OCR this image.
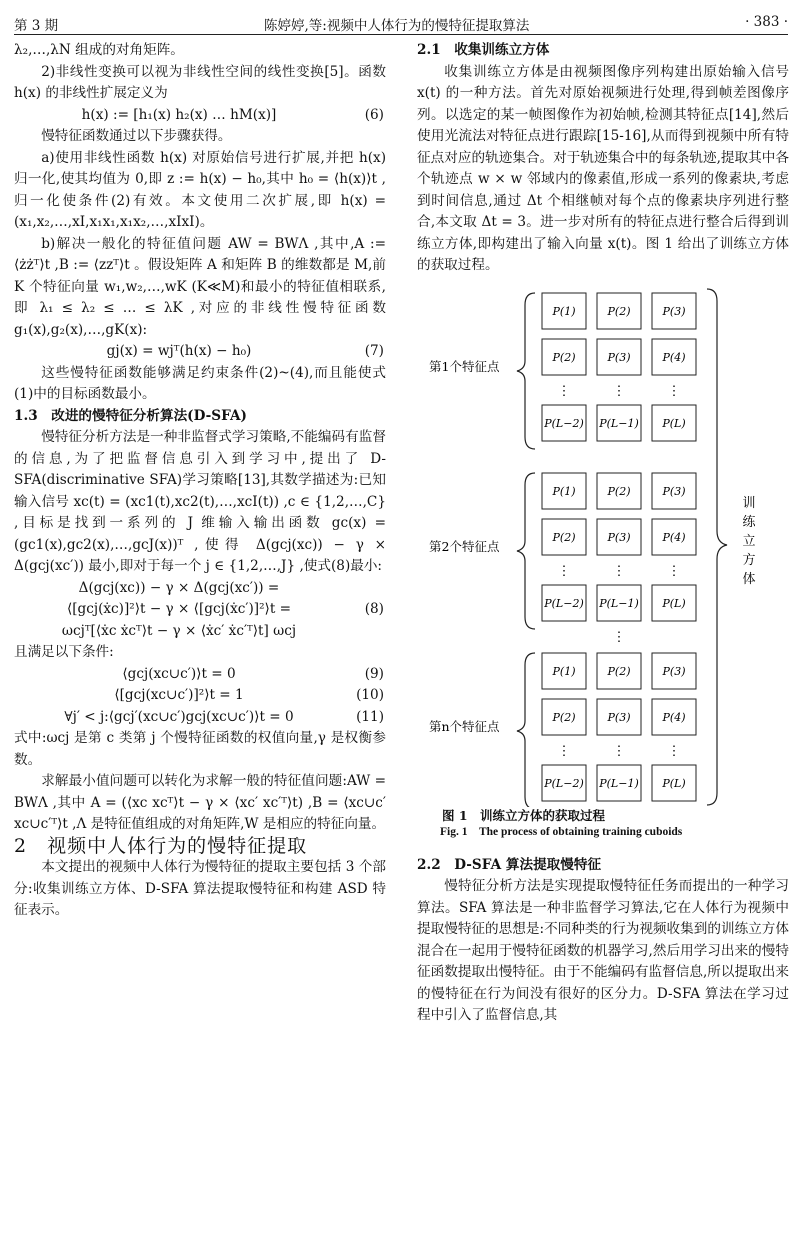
第 3 期	陈婷婷,等:视频中人体行为的慢特征提取算法	· 383 ·

λ₂,…,λN 组成的对角矩阵。

2)非线性变换可以视为非线性空间的线性变换[5]。函数 h(x) 的非线性扩展定义为

h(x) := [h₁(x) h₂(x) … hM(x)]	(6)

慢特征函数通过以下步骤获得。

a)使用非线性函数 h(x) 对原始信号进行扩展,并把 h(x) 归一化,使其均值为 0,即 z := h(x) − h₀,其中 h₀ = ⟨h(x)⟩t ,归一化使条件(2)有效。本文使用二次扩展,即 h(x) = (x₁,x₂,…,xI,x₁x₁,x₁x₂,…,xIxI)。

b)解决一般化的特征值问题 AW = BWΛ ,其中,A := ⟨żżᵀ⟩t ,B := ⟨zzᵀ⟩t 。假设矩阵 A 和矩阵 B 的维数都是 M,前 K 个特征向量 w₁,w₂,…,wK (K≪M)和最小的特征值相联系,即 λ₁ ≤ λ₂ ≤ … ≤ λK ,对应的非线性慢特征函数 g₁(x),g₂(x),…,gK(x):

gj(x) = wjᵀ(h(x) − h₀)	(7)

这些慢特征函数能够满足约束条件(2)~(4),而且能使式(1)中的目标函数最小。

1.3　改进的慢特征分析算法(D-SFA)

慢特征分析方法是一种非监督式学习策略,不能编码有监督的信息,为了把监督信息引入到学习中,提出了 D-SFA(discriminative SFA)学习策略[13],其数学描述为:已知输入信号 xc(t) = (xc1(t),xc2(t),…,xcI(t)) ,c ∈ {1,2,…,C} ,目标是找到一系列的 J 维输入输出函数 gc(x) = (gc1(x),gc2(x),…,gcJ(x))ᵀ ,使得 Δ(gcj(xc)) − γ × Δ(gcj(xc′)) 最小,即对于每一个 j ∈ {1,2,…,J} ,使式(8)最小:

Δ(gcj(xc)) − γ × Δ(gcj(xc′)) =
⟨[gcj(ẋc)]²⟩t − γ × ⟨[gcj(ẋc′)]²⟩t =	(8)
ωcjᵀ[⟨ẋc ẋcᵀ⟩t − γ × ⟨ẋc′ ẋc′ᵀ⟩t] ωcj

且满足以下条件:

⟨gcj(xc∪c′)⟩t = 0	(9)
⟨[gcj(xc∪c′)]²⟩t = 1	(10)
∀j′ < j:⟨gcj′(xc∪c′)gcj(xc∪c′)⟩t = 0	(11)

式中:ωcj 是第 c 类第 j 个慢特征函数的权值向量,γ 是权衡参数。

求解最小值问题可以转化为求解一般的特征值问题:AW = BWΛ ,其中 A = (⟨xc xcᵀ⟩t − γ × ⟨xc′ xc′ᵀ⟩t) ,B = ⟨xc∪c′ xc∪c′ᵀ⟩t ,Λ 是特征值组成的对角矩阵,W 是相应的特征向量。

2　视频中人体行为的慢特征提取

本文提出的视频中人体行为慢特征的提取主要包括 3 个部分:收集训练立方体、D-SFA 算法提取慢特征和构建 ASD 特征表示。

2.1　收集训练立方体

收集训练立方体是由视频图像序列构建出原始输入信号 x(t) 的一种方法。首先对原始视频进行处理,得到帧差图像序列。以选定的某一帧图像作为初始帧,检测其特征点[14],然后使用光流法对特征点进行跟踪[15-16],从而得到视频中所有特征点对应的轨迹集合。对于轨迹集合中的每条轨迹,提取其中各个轨迹点 w × w 邻域内的像素值,形成一系列的像素块,考虑到时间信息,通过 Δt 个相继帧对每个点的像素块序列进行整合,本文取 Δt = 3。进一步对所有的特征点进行整合后得到训练立方体,即构建出了输入向量 x(t)。图 1 给出了训练立方体的获取过程。

第1个特征点
P(1)	P(2)	P(3)
P(2)	P(3)	P(4)
⋮	⋮	⋮
P(L−2) P(L−1) P(L)
第2个特征点
P(1)	P(2)	P(3)
P(2)	P(3)	P(4)
⋮	⋮	⋮
P(L−2) P(L−1) P(L)
第n个特征点
P(1)	P(2)	P(3)
P(2)	P(3)	P(4)
⋮	⋮	⋮
P(L−2) P(L−1) P(L)
⋮
训
练
立
方
体

图 1　训练立方体的获取过程

Fig. 1　The process of obtaining training cuboids

2.2　D-SFA 算法提取慢特征

慢特征分析方法是实现提取慢特征任务而提出的一种学习算法。SFA 算法是一种非监督学习算法,它在人体行为视频中提取慢特征的思想是:不同种类的行为视频收集到的训练立方体混合在一起用于慢特征函数的机器学习,然后用学习出来的慢特征函数提取出慢特征。由于不能编码有监督信息,所以提取出来的慢特征在行为间没有很好的区分力。D-SFA 算法在学习过程中引入了监督信息,其
